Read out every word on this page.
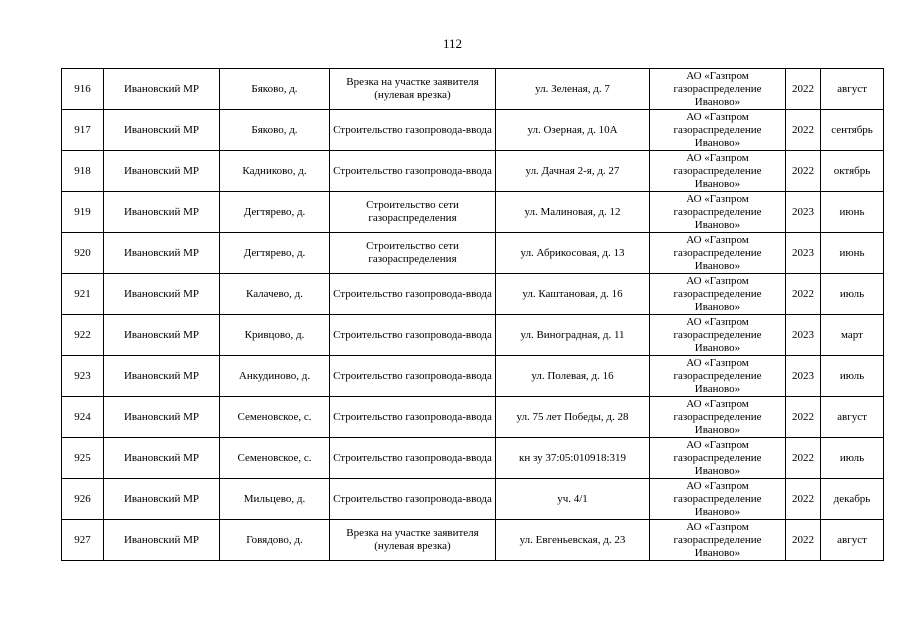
112
916	Ивановский МР	Бяково, д.	Врезка на участке заявителя (нулевая врезка)	ул. Зеленая, д. 7	АО «Газпром газораспределение Иваново»	2022	август
917	Ивановский МР	Бяково, д.	Строительство газопровода-ввода	ул. Озерная, д. 10А	АО «Газпром газораспределение Иваново»	2022	сентябрь
918	Ивановский МР	Кадниково, д.	Строительство газопровода-ввода	ул. Дачная 2-я, д. 27	АО «Газпром газораспределение Иваново»	2022	октябрь
919	Ивановский МР	Дегтярево, д.	Строительство сети газораспределения	ул. Малиновая, д. 12	АО «Газпром газораспределение Иваново»	2023	июнь
920	Ивановский МР	Дегтярево, д.	Строительство сети газораспределения	ул. Абрикосовая, д. 13	АО «Газпром газораспределение Иваново»	2023	июнь
921	Ивановский МР	Калачево, д.	Строительство газопровода-ввода	ул. Каштановая, д. 16	АО «Газпром газораспределение Иваново»	2022	июль
922	Ивановский МР	Кривцово, д.	Строительство газопровода-ввода	ул. Виноградная, д. 11	АО «Газпром газораспределение Иваново»	2023	март
923	Ивановский МР	Анкудиново, д.	Строительство газопровода-ввода	ул. Полевая, д. 16	АО «Газпром газораспределение Иваново»	2023	июль
924	Ивановский МР	Семеновское, с.	Строительство газопровода-ввода	ул. 75 лет Победы, д. 28	АО «Газпром газораспределение Иваново»	2022	август
925	Ивановский МР	Семеновское, с.	Строительство газопровода-ввода	кн зу 37:05:010918:319	АО «Газпром газораспределение Иваново»	2022	июль
926	Ивановский МР	Мильцево, д.	Строительство газопровода-ввода	уч. 4/1	АО «Газпром газораспределение Иваново»	2022	декабрь
927	Ивановский МР	Говядово, д.	Врезка на участке заявителя (нулевая врезка)	ул. Евгеньевская, д. 23	АО «Газпром газораспределение Иваново»	2022	август
